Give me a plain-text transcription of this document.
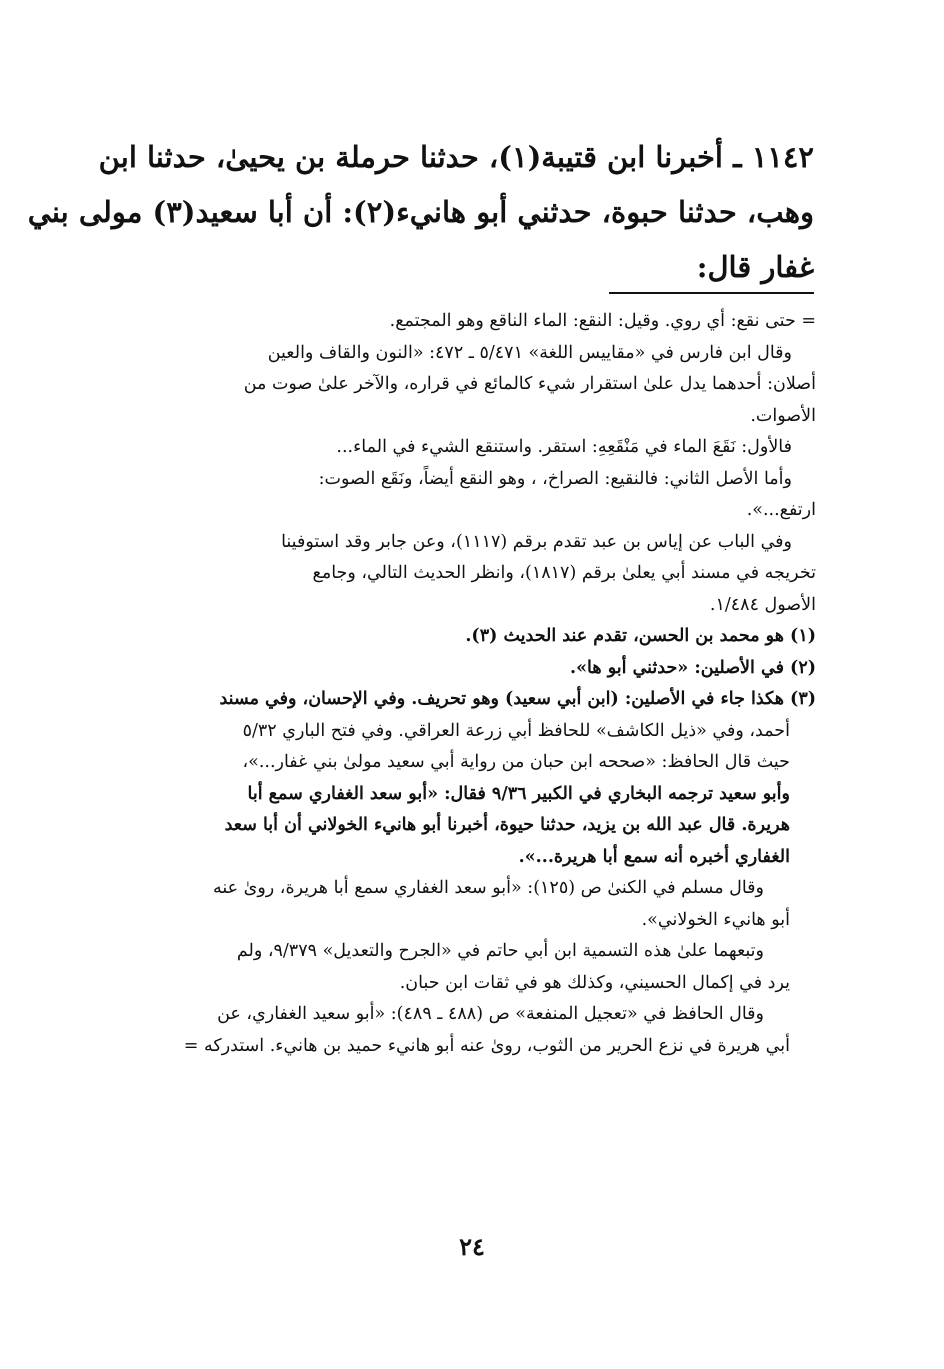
١١٤٢ ـ أخبرنا ابن قتيبة(١)، حدثنا حرملة بن يحيىٰ، حدثنا ابن
وهب، حدثنا حبوة، حدثني أبو هانيء(٢): أن أبا سعيد(٣) مولى بني
غفار قال:
= حتى نقع: أي روي. وقيل: النقع: الماء الناقع وهو المجتمع.
وقال ابن فارس في «مقاييس اللغة» ٥/٤٧١ ـ ٤٧٢: «النون والقاف والعين
أصلان: أحدهما يدل علىٰ استقرار شيء كالمائع في قراره، والآخر علىٰ صوت من
الأصوات.
فالأول: نَقَعَ الماء في مَنْقَعِهِ: استقر. واستنقع الشيء في الماء...
وأما الأصل الثاني: فالنقيع: الصراخ، ، وهو النقع أيضاً، ونَقَع الصوت:
ارتفع...».
وفي الباب عن إياس بن عبد تقدم برقم (١١١٧)، وعن جابر وقد استوفينا
تخريجه في مسند أبي يعلىٰ برقم (١٨١٧)، وانظر الحديث التالي، وجامع
الأصول ١/٤٨٤.
(١) هو محمد بن الحسن، تقدم عند الحديث (٣).
(٢) في الأصلين: «حدثني أبو ها».
(٣) هكذا جاء في الأصلين: (ابن أبي سعيد) وهو تحريف. وفي الإحسان، وفي مسند
أحمد، وفي «ذيل الكاشف» للحافظ أبي زرعة العراقي. وفي فتح الباري ٥/٣٢
حيث قال الحافظ: «صححه ابن حبان من رواية أبي سعيد مولىٰ بني غفار...»،
وأبو سعيد ترجمه البخاري في الكبير ٩/٣٦ فقال: «أبو سعد الغفاري سمع أبا
هريرة. قال عبد الله بن يزيد، حدثنا حيوة، أخبرنا أبو هانيء الخولاني أن أبا سعد
الغفاري أخبره أنه سمع أبا هريرة...».
وقال مسلم في الكنىٰ ص (١٢٥): «أبو سعد الغفاري سمع أبا هريرة، روىٰ عنه
أبو هانيء الخولاني».
وتبعهما علىٰ هذه التسمية ابن أبي حاتم في «الجرح والتعديل» ٩/٣٧٩، ولم
يرد في إكمال الحسيني، وكذلك هو في ثقات ابن حبان.
وقال الحافظ في «تعجيل المنفعة» ص (٤٨٨ ـ ٤٨٩): «أبو سعيد الغفاري، عن
أبي هريرة في نزع الحرير من الثوب، روىٰ عنه أبو هانيء حميد بن هانيء. استدركه =
٢٤
